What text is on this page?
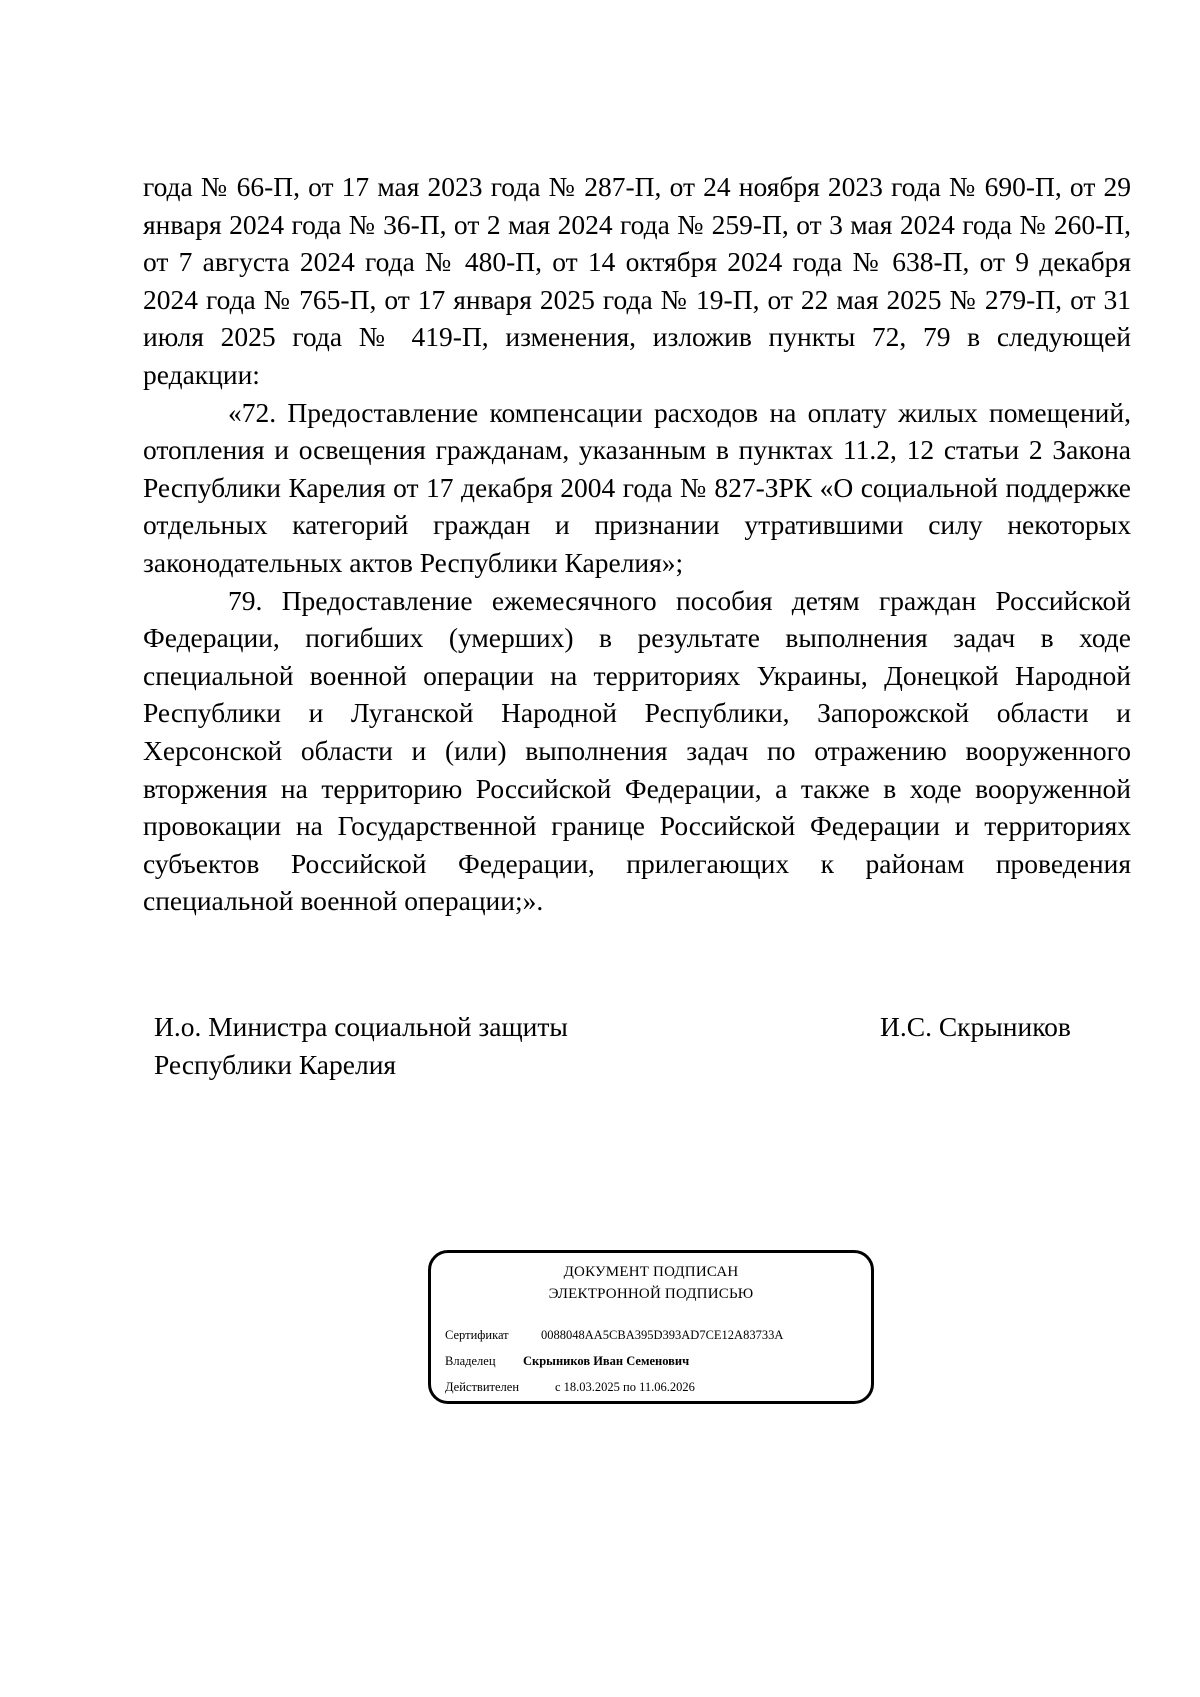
года № 66-П, от 17 мая 2023 года № 287-П, от 24 ноября 2023 года № 690-П, от 29 января 2024 года № 36-П, от 2 мая 2024 года № 259-П, от 3 мая 2024 года № 260-П, от 7 августа 2024 года № 480-П, от 14 октября 2024 года № 638-П, от 9 декабря 2024 года № 765-П, от 17 января 2025 года № 19-П, от 22 мая 2025 № 279-П, от 31 июля 2025 года № 419-П, изменения, изложив пункты 72, 79 в следующей редакции:

«72. Предоставление компенсации расходов на оплату жилых помещений, отопления и освещения гражданам, указанным в пунктах 11.2, 12 статьи 2 Закона Республики Карелия от 17 декабря 2004 года № 827-ЗРК «О социальной поддержке отдельных категорий граждан и признании утратившими силу некоторых законодательных актов Республики Карелия»;

79. Предоставление ежемесячного пособия детям граждан Российской Федерации, погибших (умерших) в результате выполнения задач в ходе специальной военной операции на территориях Украины, Донецкой Народной Республики и Луганской Народной Республики, Запорожской области и Херсонской области и (или) выполнения задач по отражению вооруженного вторжения на территорию Российской Федерации, а также в ходе вооруженной провокации на Государственной границе Российской Федерации и территориях субъектов Российской Федерации, прилегающих к районам проведения специальной военной операции;».

И.о. Министра социальной защиты
Республики Карелия
И.С. Скрыников
ДОКУМЕНТ ПОДПИСАН
ЭЛЕКТРОННОЙ ПОДПИСЬЮ
Сертификат	0088048AA5CBA395D393AD7CE12A83733A
Владелец Скрыников Иван Семенович
Действителен	с 18.03.2025 по 11.06.2026
